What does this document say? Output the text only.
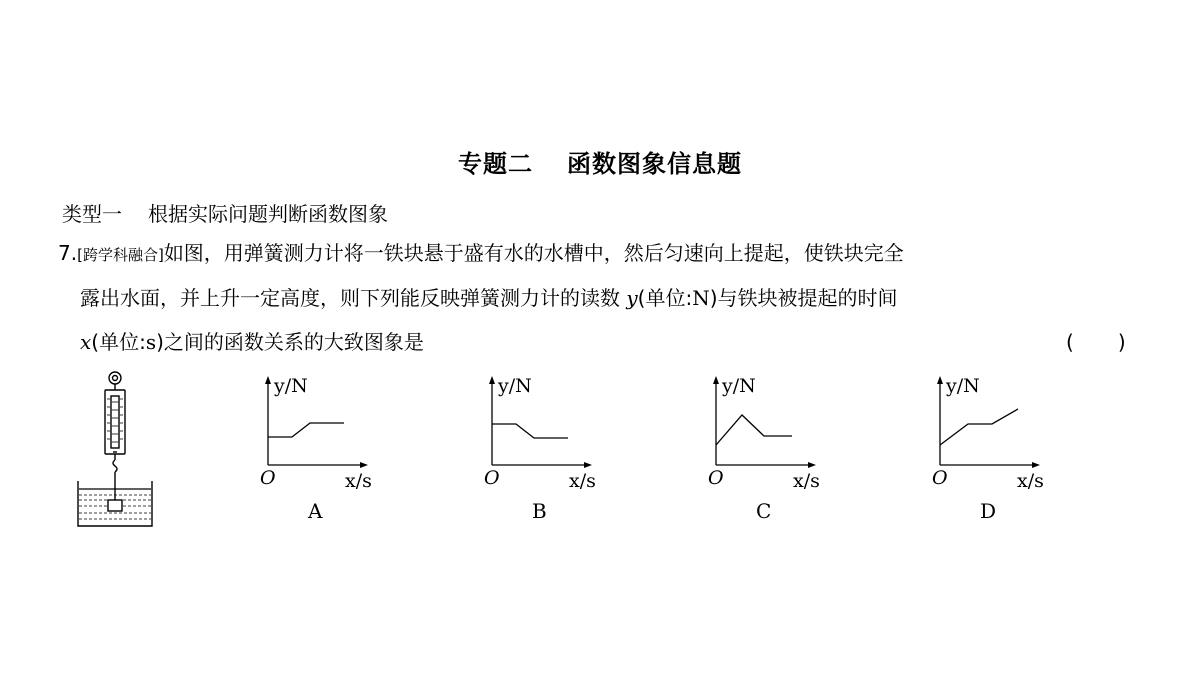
专题二 函数图象信息题
类型一 根据实际问题判断函数图象
7.[跨学科融合]如图，用弹簧测力计将一铁块悬于盛有水的水槽中，然后匀速向上提起，使铁块完全
露出水面，并上升一定高度，则下列能反映弹簧测力计的读数 y(单位:N)与铁块被提起的时间
x(单位:s)之间的函数关系的大致图象是	( )
y/N
x/s
O
A
y/N
x/s
O
B
y/N
x/s
O
C
y/N
x/s
O
D
